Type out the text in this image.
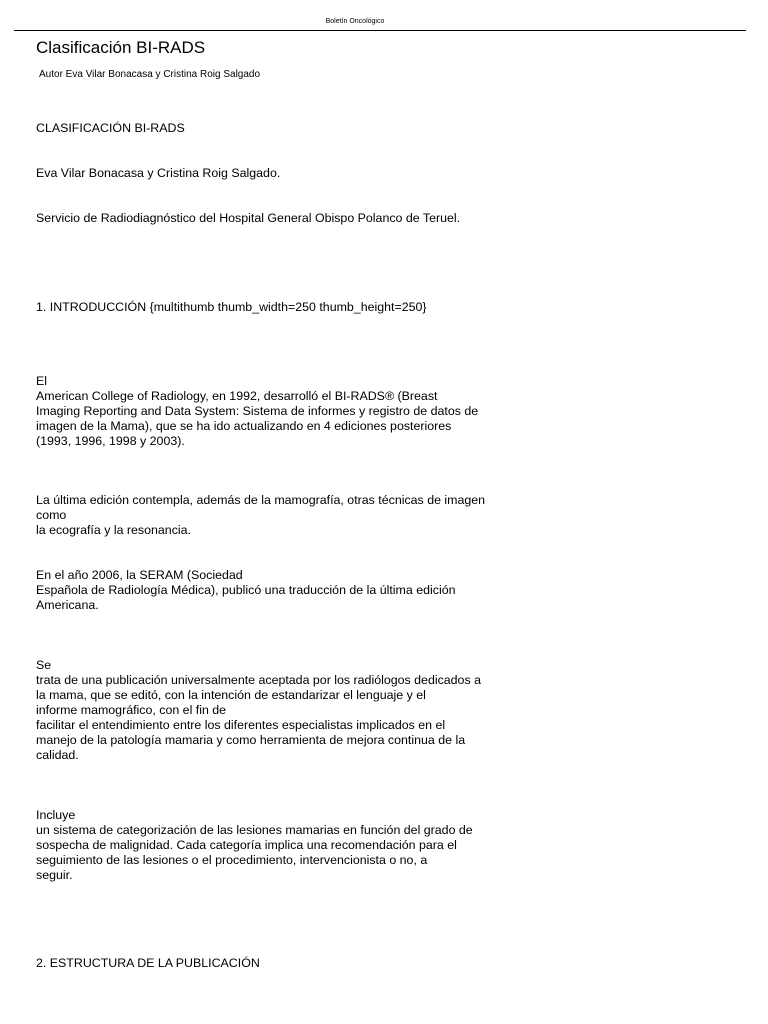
Boletín Oncológico
Clasificación BI-RADS

Autor Eva Vilar Bonacasa y Cristina Roig Salgado

CLASIFICACIÓN BI-RADS

Eva Vilar Bonacasa y Cristina Roig Salgado.

Servicio de Radiodiagnóstico del Hospital General Obispo Polanco de Teruel.

1. INTRODUCCIÓN {multithumb thumb_width=250 thumb_height=250}

El
American College of Radiology, en 1992, desarrolló el BI-RADS® (Breast
Imaging Reporting and Data System: Sistema de informes y registro de datos de
imagen de la Mama), que se ha ido actualizando en 4 ediciones posteriores
(1993, 1996, 1998 y 2003).

La última edición contempla, además de la mamografía, otras técnicas de imagen como
la ecografía y la resonancia.

En el año 2006, la SERAM (Sociedad
Española de Radiología Médica), publicó una traducción de la última edición
Americana.

Se
trata de una publicación universalmente aceptada por los radiólogos dedicados a
la mama, que se editó, con la intención de estandarizar el lenguaje y el
informe mamográfico, con el fin de
facilitar el entendimiento entre los diferentes especialistas implicados en el
manejo de la patología mamaria y como herramienta de mejora continua de la
calidad.

Incluye
un sistema de categorización de las lesiones mamarias en función del grado de
sospecha de malignidad. Cada categoría implica una recomendación para el
seguimiento de las lesiones o el procedimiento, intervencionista o no, a
seguir.

2. ESTRUCTURA DE LA PUBLICACIÓN
